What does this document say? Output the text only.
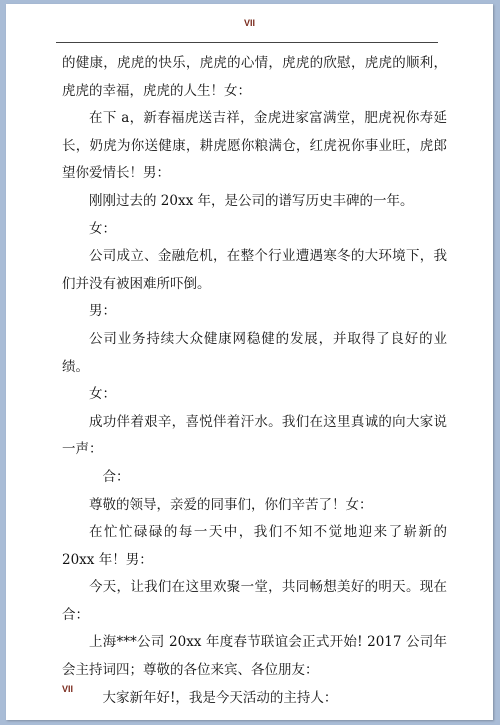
VII

的健康，虎虎的快乐，虎虎的心情，虎虎的欣慰，虎虎的顺利，虎虎的幸福，虎虎的人生！女：

在下 a，新春福虎送吉祥，金虎进家富满堂，肥虎祝你寿延长，奶虎为你送健康，耕虎愿你粮满仓，红虎祝你事业旺，虎郎望你爱情长！男：

刚刚过去的 20xx 年，是公司的谱写历史丰碑的一年。

女：

公司成立、金融危机，在整个行业遭遇寒冬的大环境下，我们并没有被困难所吓倒。

男：

公司业务持续大众健康网稳健的发展，并取得了良好的业绩。

女：

成功伴着艰辛，喜悦伴着汗水。我们在这里真诚的向大家说一声：

合：

尊敬的领导，亲爱的同事们，你们辛苦了！女：

在忙忙碌碌的每一天中，我们不知不觉地迎来了崭新的 20xx 年！男：

今天，让我们在这里欢聚一堂，共同畅想美好的明天。现在 合：

上海***公司 20xx 年度春节联谊会正式开始! 2017 公司年会主持词四；尊敬的各位来宾、各位朋友：

大家新年好!，我是今天活动的主持人：

VII
